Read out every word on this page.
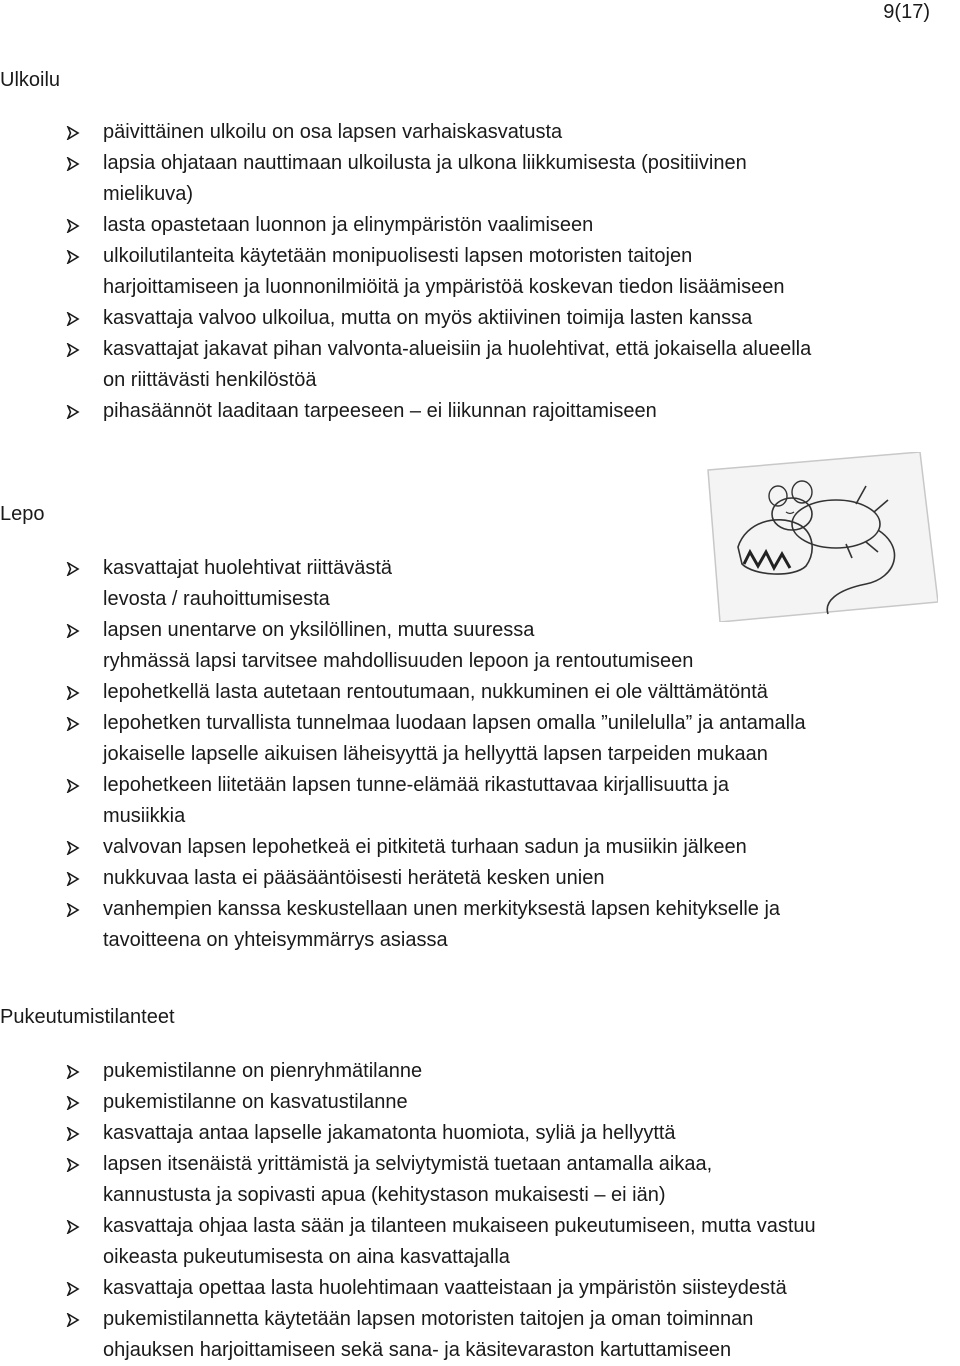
9(17)
Ulkoilu
päivittäinen ulkoilu on osa lapsen varhaiskasvatusta
lapsia ohjataan nauttimaan ulkoilusta ja ulkona liikkumisesta (positiivinen
mielikuva)
lasta opastetaan luonnon ja elinympäristön vaalimiseen
ulkoilutilanteita käytetään monipuolisesti lapsen motoristen taitojen
harjoittamiseen ja luonnonilmiöitä ja ympäristöä koskevan tiedon lisäämiseen
kasvattaja valvoo ulkoilua, mutta on myös aktiivinen toimija lasten kanssa
kasvattajat jakavat pihan valvonta-alueisiin ja huolehtivat, että jokaisella alueella
on riittävästi henkilöstöä
pihasäännöt laaditaan tarpeeseen – ei liikunnan rajoittamiseen
Lepo
kasvattajat huolehtivat riittävästä
levosta / rauhoittumisesta
lapsen unentarve on yksilöllinen, mutta suuressa
ryhmässä lapsi tarvitsee mahdollisuuden lepoon ja rentoutumiseen
lepohetkellä lasta autetaan rentoutumaan, nukkuminen ei ole välttämätöntä
lepohetken turvallista tunnelmaa luodaan lapsen omalla ”unilelulla” ja antamalla
jokaiselle lapselle aikuisen läheisyyttä ja hellyyttä lapsen tarpeiden mukaan
lepohetkeen liitetään lapsen tunne-elämää rikastuttavaa kirjallisuutta ja
musiikkia
valvovan lapsen lepohetkeä ei pitkitetä turhaan sadun ja musiikin jälkeen
nukkuvaa lasta ei pääsääntöisesti herätetä kesken unien
vanhempien kanssa keskustellaan unen merkityksestä lapsen kehitykselle ja
tavoitteena on yhteisymmärrys asiassa
Pukeutumistilanteet
pukemistilanne on pienryhmätilanne
pukemistilanne on kasvatustilanne
kasvattaja antaa lapselle jakamatonta huomiota, syliä ja hellyyttä
lapsen itsenäistä yrittämistä ja selviytymistä tuetaan antamalla aikaa,
kannustusta ja sopivasti apua (kehitystason mukaisesti – ei iän)
kasvattaja ohjaa lasta sään ja tilanteen mukaiseen pukeutumiseen, mutta vastuu
oikeasta pukeutumisesta on aina kasvattajalla
kasvattaja opettaa lasta huolehtimaan vaatteistaan ja ympäristön siisteydestä
pukemistilannetta käytetään lapsen motoristen taitojen ja oman toiminnan
ohjauksen harjoittamiseen sekä sana- ja käsitevaraston kartuttamiseen
